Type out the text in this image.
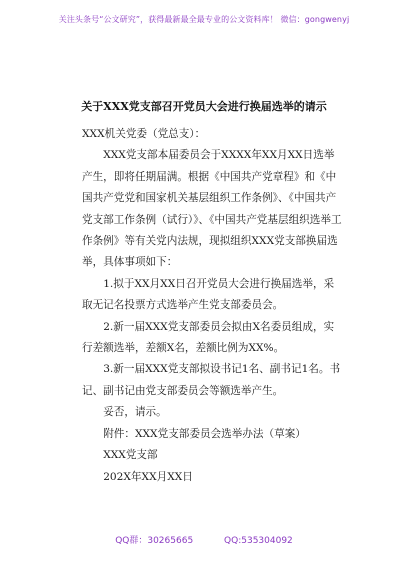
关注头条号“公文研究”，获得最新最全最专业的公文资料库！ 微信：gongwenyj
关于XXX党支部召开党员大会进行换届选举的请示

XXX机关党委（党总支）：

XXX党支部本届委员会于XXXX年XX月XX日选举产生，即将任期届满。根据《中国共产党章程》和《中国共产党党和国家机关基层组织工作条例》、《中国共产党支部工作条例（试行）》、《中国共产党基层组织选举工作条例》等有关党内法规，现拟组织XXX党支部换届选举，具体事项如下：

1.拟于XX月XX日召开党员大会进行换届选举，采取无记名投票方式选举产生党支部委员会。

2.新一届XXX党支部委员会拟由X名委员组成，实行差额选举，差额X名，差额比例为XX%。

3.新一届XXX党支部拟设书记1名、副书记1名。书记、副书记由党支部委员会等额选举产生。

妥否，请示。

附件：XXX党支部委员会选举办法（草案）

XXX党支部

202X年XX月XX日

QQ群：30265665	QQ:535304092
